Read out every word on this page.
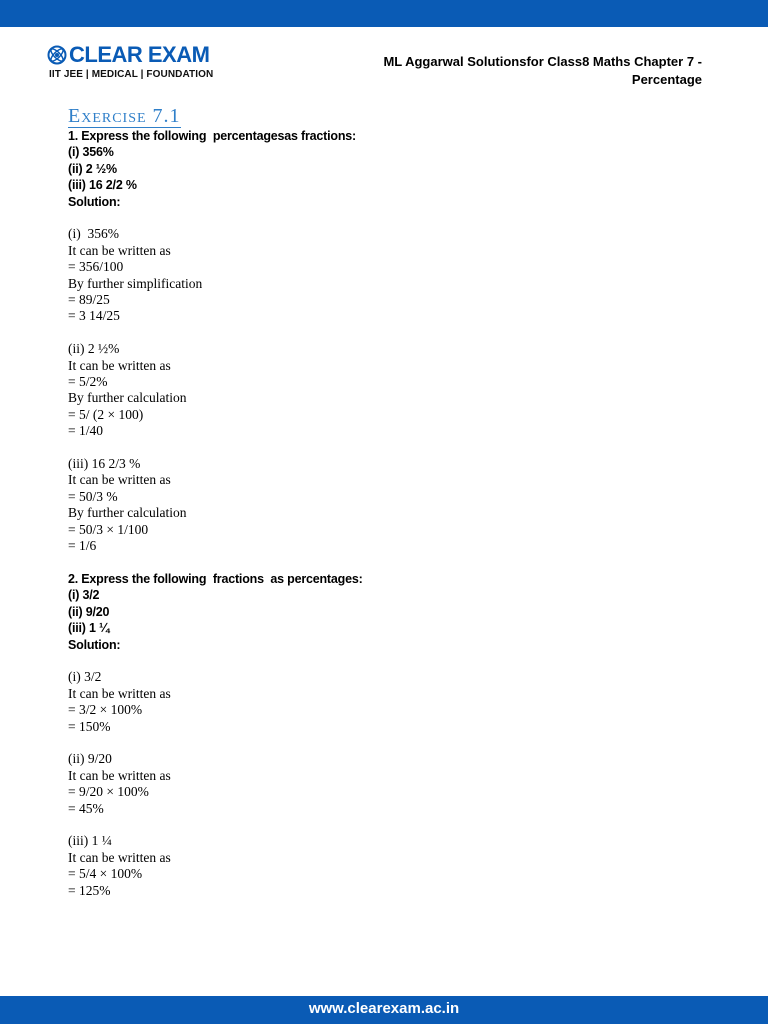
CLEAR EXAM
IIT JEE | MEDICAL | FOUNDATION
ML Aggarwal Solutionsfor Class8 Maths Chapter 7 -
Percentage
Exercise 7.1
1. Express the following  percentagesas fractions:
(i) 356%
(ii) 2 ½%
(iii) 16 2/2 %
Solution:
(i)  356%
It can be written as
= 356/100
By further simplification
= 89/25
= 3 14/25
(ii) 2 ½%
It can be written as
= 5/2%
By further calculation
= 5/ (2 × 100)
= 1/40
(iii) 16 2/3 %
It can be written as
= 50/3 %
By further calculation
= 50/3 × 1/100
= 1/6
2. Express the following  fractions  as percentages:
(i) 3/2
(ii) 9/20
(iii) 1 ¼
Solution:
(i) 3/2
It can be written as
= 3/2 × 100%
= 150%
(ii) 9/20
It can be written as
= 9/20 × 100%
= 45%
(iii) 1 ¼
It can be written as
= 5/4 × 100%
= 125%
www.clearexam.ac.in
